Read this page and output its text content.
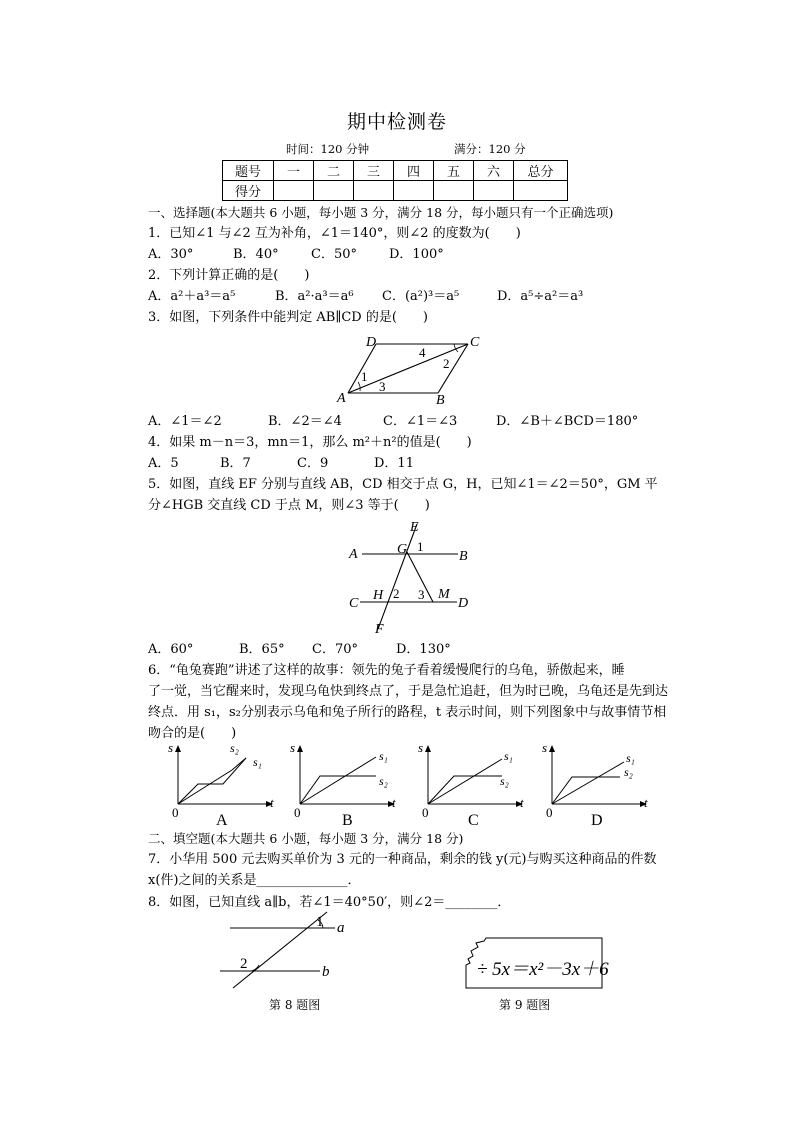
期中检测卷
时间：120 分钟	满分：120 分
题号	一	二	三	四	五	六	总分
得分							
一、选择题(本大题共 6 小题，每小题 3 分，满分 18 分，每小题只有一个正确选项)
1．已知∠1 与∠2 互为补角，∠1＝140°，则∠2 的度数为(　　)
A．30°	B．40° C．50° D．100°
2．下列计算正确的是(　　)
A．a²＋a³＝a⁵	B．a²·a³＝a⁶ C．(a²)³＝a⁵	D．a⁵÷a²＝a³
3．如图，下列条件中能判定 AB∥CD 的是(　　)
D	C
A	B
4
2
1
3
A．∠1＝∠2	B．∠2＝∠4	C．∠1＝∠3	D．∠B＋∠BCD＝180°
4．如果 m－n＝3，mn＝1，那么 m²＋n²的值是(　　)
A．5	B．7	C．9	D．11
5．如图，直线 EF 分别与直线 AB，CD 相交于点 G，H，已知∠1＝∠2＝50°，GM 平
分∠HGB 交直线 CD 于点 M，则∠3 等于(　　)
E
A	G 1
B
C
H 2 3 M
D
F
A．60°	B．65° C．70°	D．130°
6．“龟兔赛跑”讲述了这样的故事：领先的兔子看着缓慢爬行的乌龟，骄傲起来，睡
了一觉，当它醒来时，发现乌龟快到终点了，于是急忙追赶，但为时已晚，乌龟还是先到达
终点．用 s₁，s₂分别表示乌龟和兔子所行的路程，t 表示时间，则下列图象中与故事情节相
吻合的是(　　)
s
t
0
s₂
s₁
A
s
t
0
s₁
s₂
B
s
t
0
s₁
s₂
C
s
t
0
s₁
s₂
D
二、填空题(本大题共 6 小题，每小题 3 分，满分 18 分)
7．小华用 500 元去购买单价为 3 元的一种商品，剩余的钱 y(元)与购买这种商品的件数
x(件)之间的关系是______________．
8．如图，已知直线 a∥b，若∠1＝40°50′，则∠2＝________．
1 a
2	b
第 8 题图
÷ 5x＝x²－3x＋6
第 9 题图
